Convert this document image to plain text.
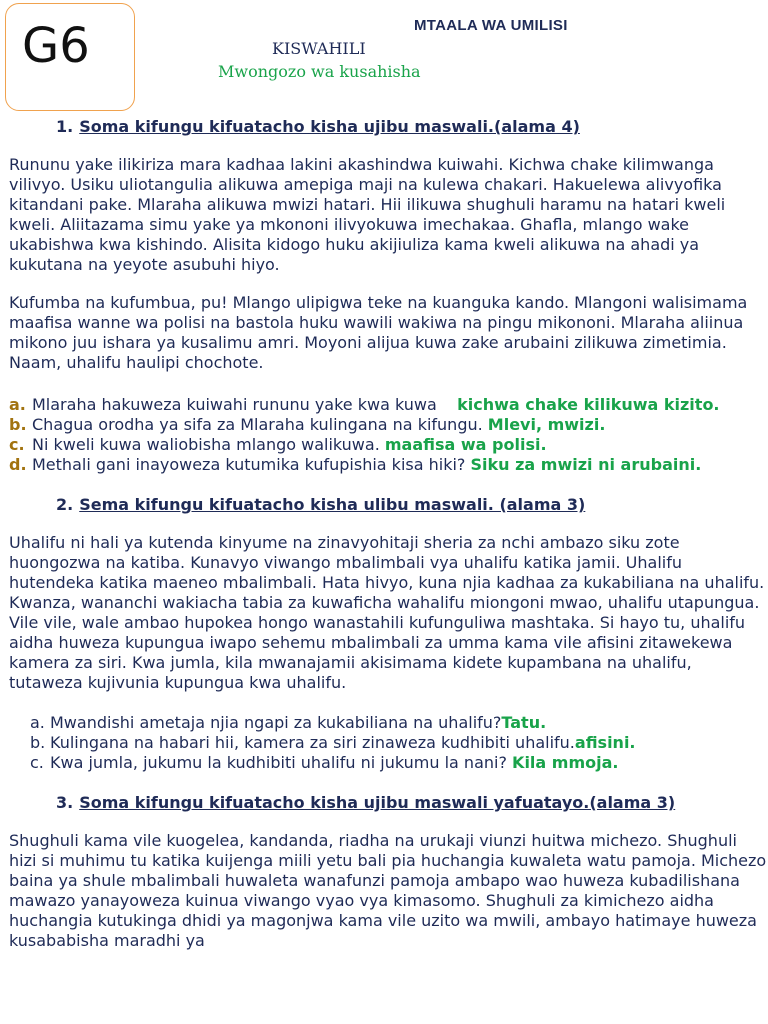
G6	MTAALA WA UMILISI
KISWAHILI
Mwongozo wa kusahisha
1. Soma kifungu kifuatacho kisha ujibu maswali.(alama 4)

Rununu yake ilikiriza mara kadhaa lakini akashindwa kuiwahi. Kichwa chake kilimwanga vilivyo. Usiku uliotangulia alikuwa amepiga maji na kulewa chakari. Hakuelewa alivyofika kitandani pake. Mlaraha alikuwa mwizi hatari. Hii ilikuwa shughuli haramu na hatari kweli kweli. Aliitazama simu yake ya mkononi ilivyokuwa imechakaa. Ghafla, mlango wake ukabishwa kwa kishindo. Alisita kidogo huku akijiuliza kama kweli alikuwa na ahadi ya kukutana na yeyote asubuhi hiyo.

Kufumba na kufumbua, pu! Mlango ulipigwa teke na kuanguka kando. Mlangoni walisimama maafisa wanne wa polisi na bastola huku wawili wakiwa na pingu mikononi. Mlaraha aliinua mikono juu ishara ya kusalimu amri. Moyoni alijua kuwa zake arubaini zilikuwa zimetimia. Naam, uhalifu haulipi chochote.

a. Mlaraha hakuweza kuiwahi rununu yake kwa kuwa    kichwa chake kilikuwa kizito.
b. Chagua orodha ya sifa za Mlaraha kulingana na kifungu. Mlevi, mwizi.
c. Ni kweli kuwa waliobisha mlango walikuwa. maafisa wa polisi.
d. Methali gani inayoweza kutumika kufupishia kisa hiki? Siku za mwizi ni arubaini.
2. Sema kifungu kifuatacho kisha ulibu maswali. (alama 3)

Uhalifu ni hali ya kutenda kinyume na zinavyohitaji sheria za nchi ambazo siku zote huongozwa na katiba. Kunavyo viwango mbalimbali vya uhalifu katika jamii. Uhalifu hutendeka katika maeneo mbalimbali. Hata hivyo, kuna njia kadhaa za kukabiliana na uhalifu. Kwanza, wananchi wakiacha tabia za kuwaficha wahalifu miongoni mwao, uhalifu utapungua. Vile vile, wale ambao hupokea hongo wanastahili kufunguliwa mashtaka. Si hayo tu, uhalifu aidha huweza kupungua iwapo sehemu mbalimbali za umma kama vile afisini zitawekewa kamera za siri. Kwa jumla, kila mwanajamii akisimama kidete kupambana na uhalifu, tutaweza kujivunia kupungua kwa uhalifu.

a. Mwandishi ametaja njia ngapi za kukabiliana na uhalifu?Tatu.
b. Kulingana na habari hii, kamera za siri zinaweza kudhibiti uhalifu.afisini.
c. Kwa jumla, jukumu la kudhibiti uhalifu ni jukumu la nani? Kila mmoja.
3. Soma kifungu kifuatacho kisha ujibu maswali yafuatayo.(alama 3)

Shughuli kama vile kuogelea, kandanda, riadha na urukaji viunzi huitwa michezo. Shughuli hizi si muhimu tu katika kuijenga miili yetu bali pia huchangia kuwaleta watu pamoja. Michezo baina ya shule mbalimbali huwaleta wanafunzi pamoja ambapo wao huweza kubadilishana mawazo yanayoweza kuinua viwango vyao vya kimasomo. Shughuli za kimichezo aidha huchangia kutukinga dhidi ya magonjwa kama vile uzito wa mwili, ambayo hatimaye huweza kusababisha maradhi ya
